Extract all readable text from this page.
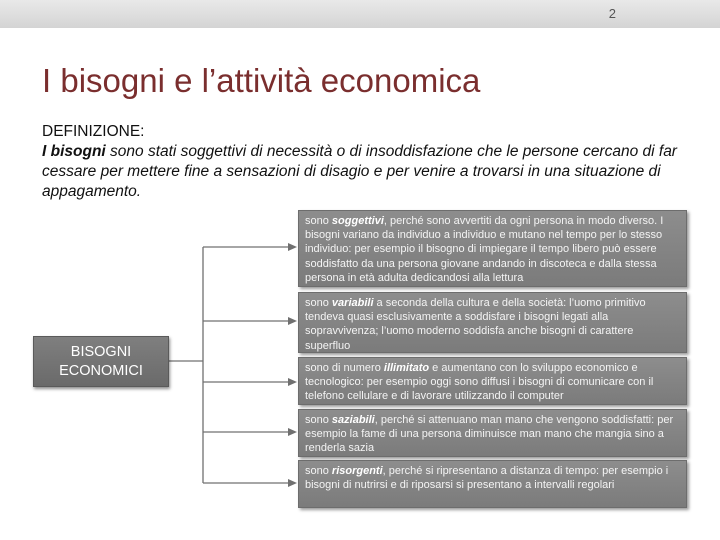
2
I bisogni e l’attività economica
DEFINIZIONE:
I bisogni sono stati soggettivi di necessità o di insoddisfazione che le persone cercano di far cessare per mettere fine a sensazioni di disagio e per venire a trovarsi in una situazione di appagamento.
BISOGNI ECONOMICI
sono soggettivi, perché sono avvertiti da ogni persona in modo diverso. I bisogni variano da individuo a individuo e mutano nel tempo per lo stesso individuo: per esempio il bisogno di impiegare il tempo libero può essere soddisfatto da una persona giovane andando in discoteca e dalla stessa persona in età adulta dedicandosi alla lettura
sono variabili a seconda della cultura e della società: l’uomo primitivo tendeva quasi esclusivamente a soddisfare i bisogni legati alla sopravvivenza; l’uomo moderno soddisfa anche bisogni di carattere superfluo
sono di numero illimitato e aumentano con lo sviluppo economico e tecnologico: per esempio oggi sono diffusi i bisogni di comunicare con il telefono cellulare e di lavorare utilizzando il computer
sono saziabili, perché si attenuano man mano che vengono soddisfatti: per esempio la fame di una persona diminuisce man mano che mangia sino a renderla sazia
sono risorgenti, perché si ripresentano a distanza di tempo: per esempio i bisogni di nutrirsi e di riposarsi si presentano a intervalli regolari
